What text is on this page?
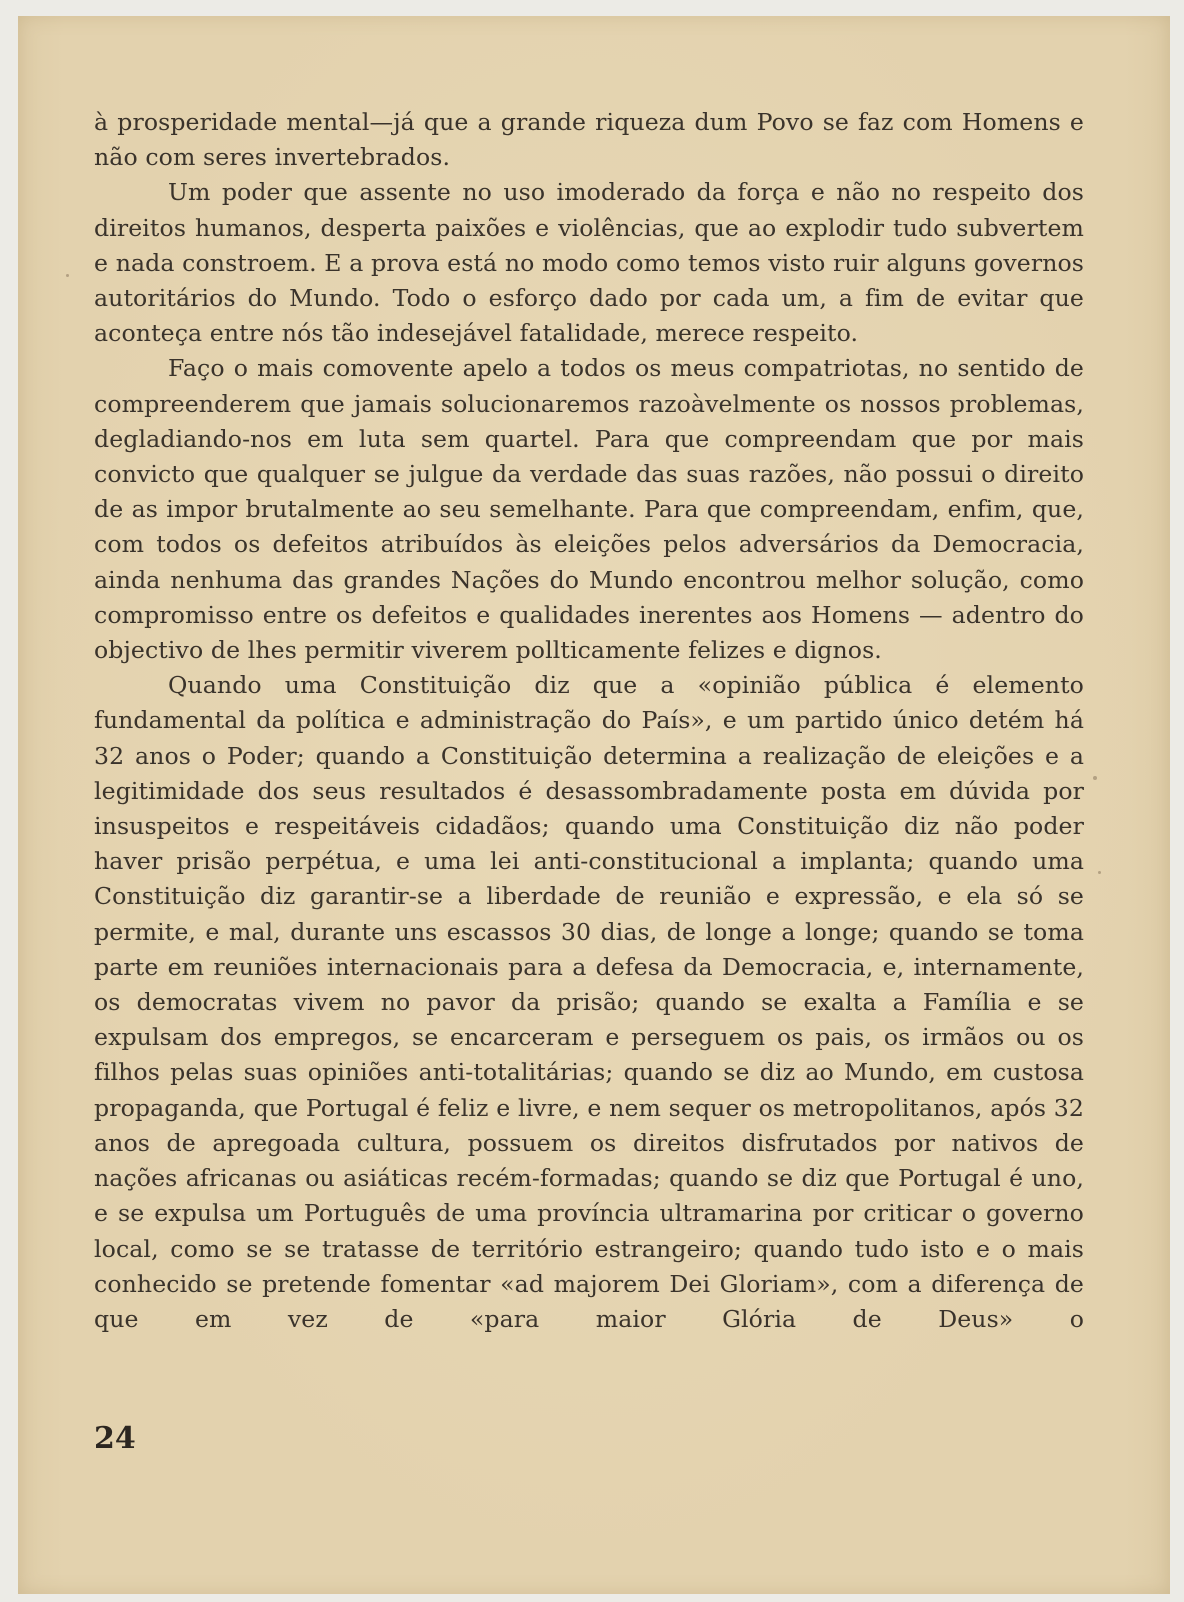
à prosperidade mental—já que a grande riqueza dum Povo se faz com Homens e não com seres invertebrados.

Um poder que assente no uso imoderado da força e não no respeito dos direitos humanos, desperta paixões e violências, que ao explodir tudo subvertem e nada constroem. E a prova está no modo como temos visto ruir alguns governos autoritários do Mundo. Todo o esforço dado por cada um, a fim de evitar que aconteça entre nós tão indesejável fatalidade, merece respeito.

Faço o mais comovente apelo a todos os meus compatriotas, no sentido de compreenderem que jamais solucionaremos razoàvelmente os nossos problemas, degladiando-nos em luta sem quartel. Para que compreendam que por mais convicto que qualquer se julgue da verdade das suas razões, não possui o direito de as impor brutalmente ao seu semelhante. Para que compreendam, enfim, que, com todos os defeitos atribuídos às eleições pelos adversários da Democracia, ainda nenhuma das grandes Nações do Mundo encontrou melhor solução, como compromisso entre os defeitos e qualidades inerentes aos Homens — adentro do objectivo de lhes permitir viverem pollticamente felizes e dignos.

Quando uma Constituição diz que a «opinião pública é elemento fundamental da política e administração do País», e um partido único detém há 32 anos o Poder; quando a Constituição determina a realização de eleições e a legitimidade dos seus resultados é desassombradamente posta em dúvida por insuspeitos e respeitáveis cidadãos; quando uma Constituição diz não poder haver prisão perpétua, e uma lei anti-constitucional a implanta; quando uma Constituição diz garantir-se a liberdade de reunião e expressão, e ela só se permite, e mal, durante uns escassos 30 dias, de longe a longe; quando se toma parte em reuniões internacionais para a defesa da Democracia, e, internamente, os democratas vivem no pavor da prisão; quando se exalta a Família e se expulsam dos empregos, se encarceram e perseguem os pais, os irmãos ou os filhos pelas suas opiniões anti-totalitárias; quando se diz ao Mundo, em custosa propaganda, que Portugal é feliz e livre, e nem sequer os metropolitanos, após 32 anos de apregoada cultura, possuem os direitos disfrutados por nativos de nações africanas ou asiáticas recém-formadas; quando se diz que Portugal é uno, e se expulsa um Português de uma província ultramarina por criticar o governo local, como se se tratasse de território estrangeiro; quando tudo isto e o mais conhecido se pretende fomentar «ad majorem Dei Gloriam», com a diferença de que em vez de «para maior Glória de Deus» o

24
